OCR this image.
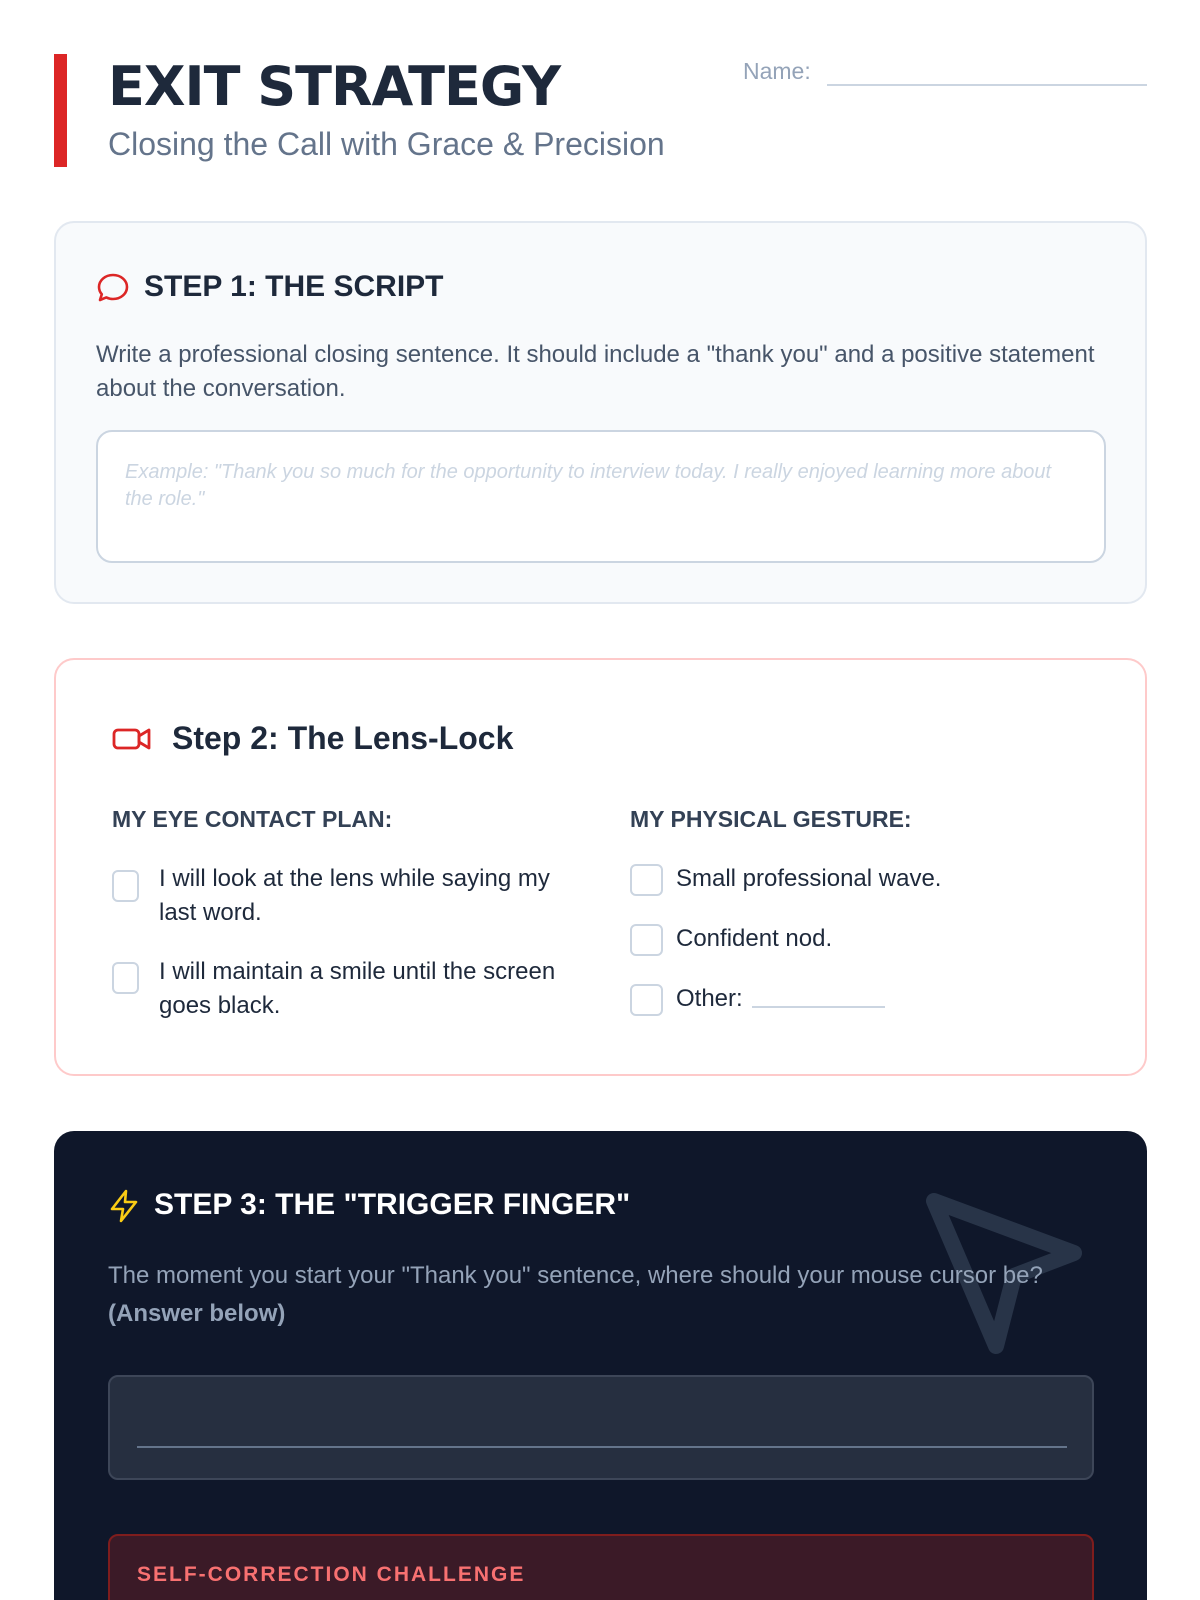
EXIT STRATEGY
Closing the Call with Grace & Precision
Name:
STEP 1: THE SCRIPT
Write a professional closing sentence. It should include a "thank you" and a positive statement about the conversation.
Example: "Thank you so much for the opportunity to interview today. I really enjoyed learning more about the role."
Step 2: The Lens-Lock
MY EYE CONTACT PLAN:
I will look at the lens while saying my last word.
I will maintain a smile until the screen goes black.
MY PHYSICAL GESTURE:
Small professional wave.
Confident nod.
Other:
STEP 3: THE "TRIGGER FINGER"
The moment you start your "Thank you" sentence, where should your mouse cursor be?
(Answer below)
SELF-CORRECTION CHALLENGE
